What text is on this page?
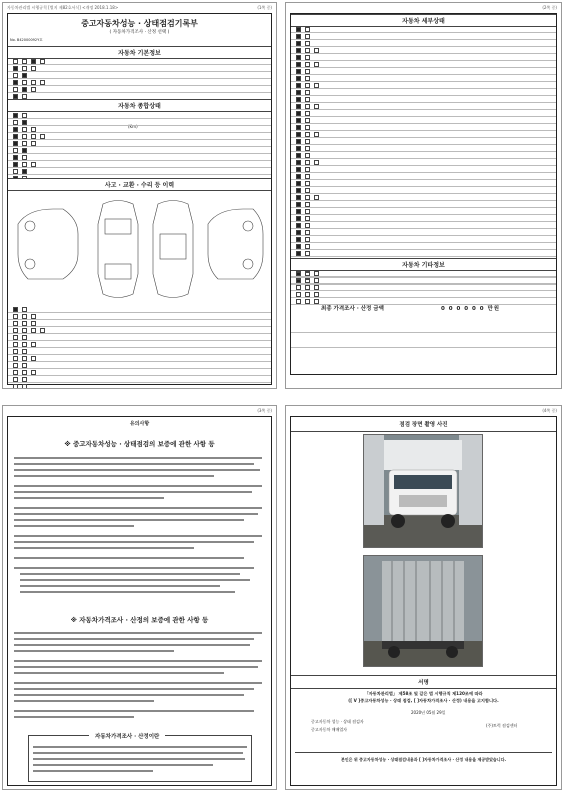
자동차관리법 시행규칙 [별지 제82호서식] <개정 2018.1.18>	(1쪽 중)
중고자동차성능 · 상태점검기록부
( 자동차가격조사 · 산정 선택 )
No. B42000092Y호
자동차 기본정보
자동차 종합상태
(Km)
사고 · 교환 · 수리 등 이력
(2쪽 중)
자동차 세부상태
자동차 기타정보
최종 가격조사 · 산정 금액	0 0 0 0 0 0 만원
(3쪽 중)
유의사항
※ 중고자동차성능 · 상태점검의 보증에 관한 사항 등
※ 자동차가격조사 · 산정의 보증에 관한 사항 등
자동차가격조사 · 산정이란
(4쪽 중)
점검 장면 촬영 사진
서명
「자동차관리법」 제58조 및 같은 법 시행규칙 제120조에 따라
([ V ]중고자동차성능 · 상태 점검, [ ]자동차가격조사 · 산정) 내용을 고지합니다.
2020년 05월 29일
중고자동차 성능 · 상태 점검자
중고자동차 매매업자
(주)트럭 점검센터
본인은 위 중고자동차성능 · 상태점검내용과 [ ]자동차가격조사 · 산정 내용을 제공받았습니다.
